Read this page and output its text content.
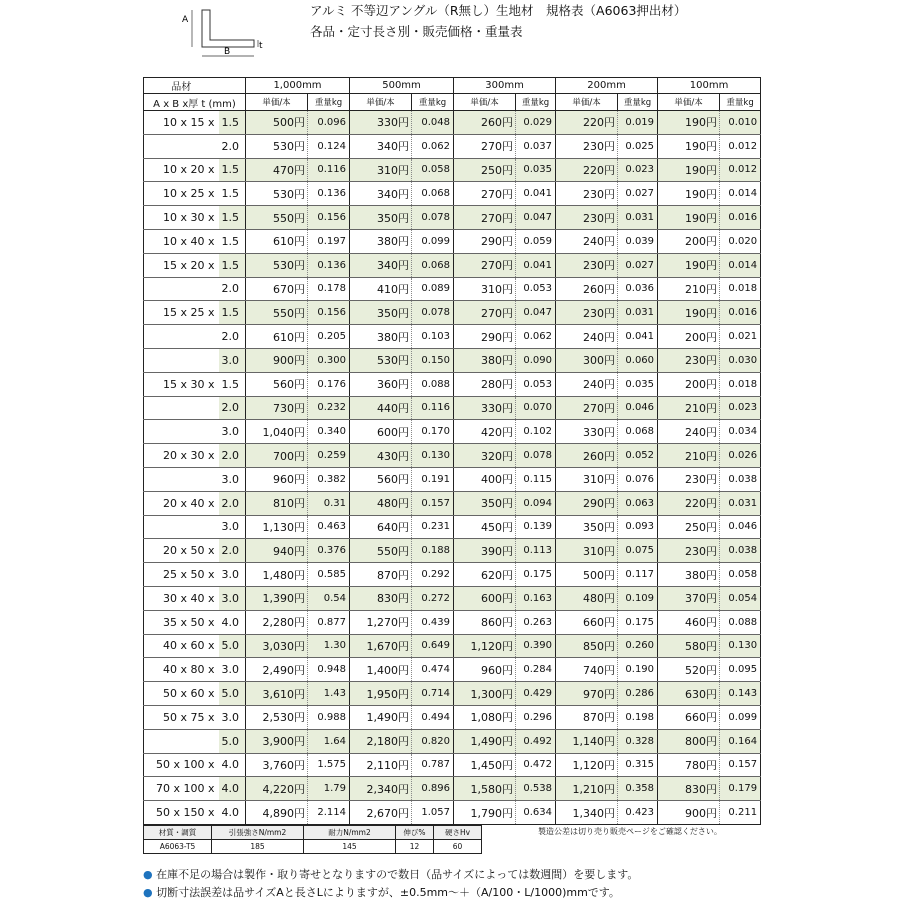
A
B
t
アルミ 不等辺アングル（R無し）生地材　規格表（A6063押出材）
各品・定寸長さ別・販売価格・重量表
品材		1,000mm		500mm		300mm		200mm		100mm	
A x B x厚 t (mm)		単価/本	重量kg	単価/本	重量kg	単価/本	重量kg	単価/本	重量kg	単価/本	重量kg
10 x 15 x	1.5	500円	0.096	330円	0.048	260円	0.029	220円	0.019	190円	0.010
	2.0	530円	0.124	340円	0.062	270円	0.037	230円	0.025	190円	0.012
10 x 20 x	1.5	470円	0.116	310円	0.058	250円	0.035	220円	0.023	190円	0.012
10 x 25 x	1.5	530円	0.136	340円	0.068	270円	0.041	230円	0.027	190円	0.014
10 x 30 x	1.5	550円	0.156	350円	0.078	270円	0.047	230円	0.031	190円	0.016
10 x 40 x	1.5	610円	0.197	380円	0.099	290円	0.059	240円	0.039	200円	0.020
15 x 20 x	1.5	530円	0.136	340円	0.068	270円	0.041	230円	0.027	190円	0.014
	2.0	670円	0.178	410円	0.089	310円	0.053	260円	0.036	210円	0.018
15 x 25 x	1.5	550円	0.156	350円	0.078	270円	0.047	230円	0.031	190円	0.016
	2.0	610円	0.205	380円	0.103	290円	0.062	240円	0.041	200円	0.021
	3.0	900円	0.300	530円	0.150	380円	0.090	300円	0.060	230円	0.030
15 x 30 x	1.5	560円	0.176	360円	0.088	280円	0.053	240円	0.035	200円	0.018
	2.0	730円	0.232	440円	0.116	330円	0.070	270円	0.046	210円	0.023
	3.0	1,040円	0.340	600円	0.170	420円	0.102	330円	0.068	240円	0.034
20 x 30 x	2.0	700円	0.259	430円	0.130	320円	0.078	260円	0.052	210円	0.026
	3.0	960円	0.382	560円	0.191	400円	0.115	310円	0.076	230円	0.038
20 x 40 x	2.0	810円	0.31	480円	0.157	350円	0.094	290円	0.063	220円	0.031
	3.0	1,130円	0.463	640円	0.231	450円	0.139	350円	0.093	250円	0.046
20 x 50 x	2.0	940円	0.376	550円	0.188	390円	0.113	310円	0.075	230円	0.038
25 x 50 x	3.0	1,480円	0.585	870円	0.292	620円	0.175	500円	0.117	380円	0.058
30 x 40 x	3.0	1,390円	0.54	830円	0.272	600円	0.163	480円	0.109	370円	0.054
35 x 50 x	4.0	2,280円	0.877	1,270円	0.439	860円	0.263	660円	0.175	460円	0.088
40 x 60 x	5.0	3,030円	1.30	1,670円	0.649	1,120円	0.390	850円	0.260	580円	0.130
40 x 80 x	3.0	2,490円	0.948	1,400円	0.474	960円	0.284	740円	0.190	520円	0.095
50 x 60 x	5.0	3,610円	1.43	1,950円	0.714	1,300円	0.429	970円	0.286	630円	0.143
50 x 75 x	3.0	2,530円	0.988	1,490円	0.494	1,080円	0.296	870円	0.198	660円	0.099
	5.0	3,900円	1.64	2,180円	0.820	1,490円	0.492	1,140円	0.328	800円	0.164
50 x 100 x	4.0	3,760円	1.575	2,110円	0.787	1,450円	0.472	1,120円	0.315	780円	0.157
70 x 100 x	4.0	4,220円	1.79	2,340円	0.896	1,580円	0.538	1,210円	0.358	830円	0.179
50 x 150 x	4.0	4,890円	2.114	2,670円	1.057	1,790円	0.634	1,340円	0.423	900円	0.211
材質・調質	引張強さN/mm2	耐力N/mm2	伸び%	硬さHv
A6063-T5	185	145	12	60
製造公差は切り売り販売ページをご確認ください。
● 在庫不足の場合は製作・取り寄せとなりますので数日（品サイズによっては数週間）を要します。
● 切断寸法誤差は品サイズAと長さLによりますが、±0.5mm〜＋（A/100・L/1000)mmです。
